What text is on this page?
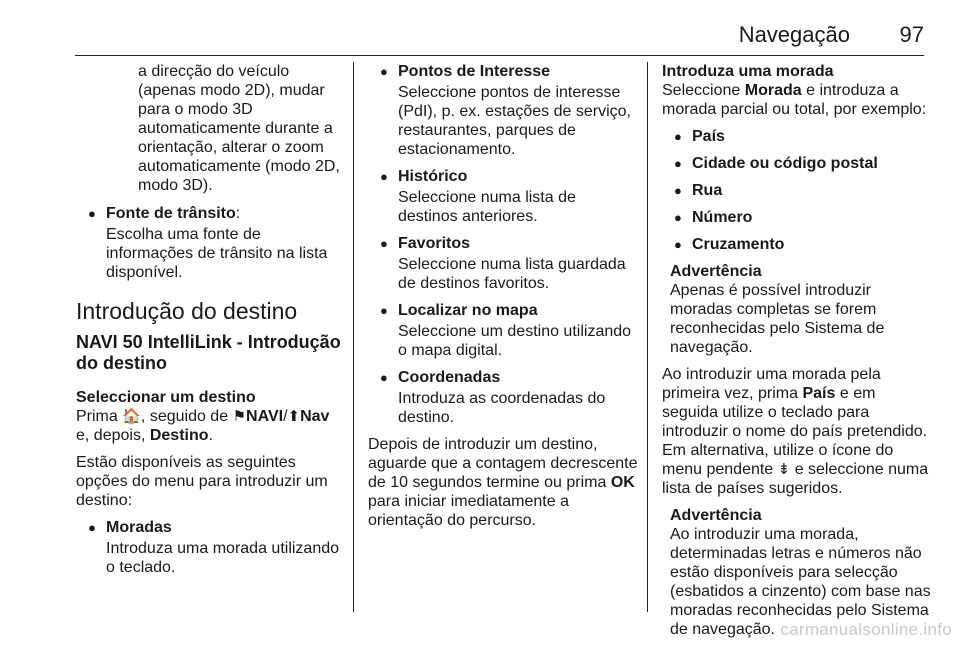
Navegação 97

a direcção do veículo (apenas modo 2D), mudar para o modo 3D automaticamente durante a orientação, alterar o zoom automaticamente (modo 2D, modo 3D).

● Fonte de trânsito:
Escolha uma fonte de informações de trânsito na lista disponível.
Introdução do destino
NAVI 50 IntelliLink - Introdução do destino
Seleccionar um destino

Prima 🏠, seguido de ⚑NAVI/⬆Nav e, depois, Destino.

Estão disponíveis as seguintes opções do menu para introduzir um destino:

● Moradas
Introduza uma morada utilizando o teclado.
● Pontos de Interesse
Seleccione pontos de interesse (PdI), p. ex. estações de serviço, restaurantes, parques de estacionamento.
● Histórico
Seleccione numa lista de destinos anteriores.
● Favoritos
Seleccione numa lista guardada de destinos favoritos.
● Localizar no mapa
Seleccione um destino utilizando o mapa digital.
● Coordenadas
Introduza as coordenadas do destino.

Depois de introduzir um destino, aguarde que a contagem decrescente de 10 segundos termine ou prima OK para iniciar imediatamente a orientação do percurso.

Introduza uma morada

Seleccione Morada e introduza a morada parcial ou total, por exemplo:

● País
● Cidade ou código postal
● Rua
● Número
● Cruzamento
Advertência
Apenas é possível introduzir moradas completas se forem reconhecidas pelo Sistema de navegação.

Ao introduzir uma morada pela primeira vez, prima País e em seguida utilize o teclado para introduzir o nome do país pretendido. Em alternativa, utilize o ícone do menu pendente ⇟ e seleccione numa lista de países sugeridos.

Advertência
Ao introduzir uma morada, determinadas letras e números não estão disponíveis para selecção (esbatidos a cinzento) com base nas moradas reconhecidas pelo Sistema de navegação. carmanualsonline.info
